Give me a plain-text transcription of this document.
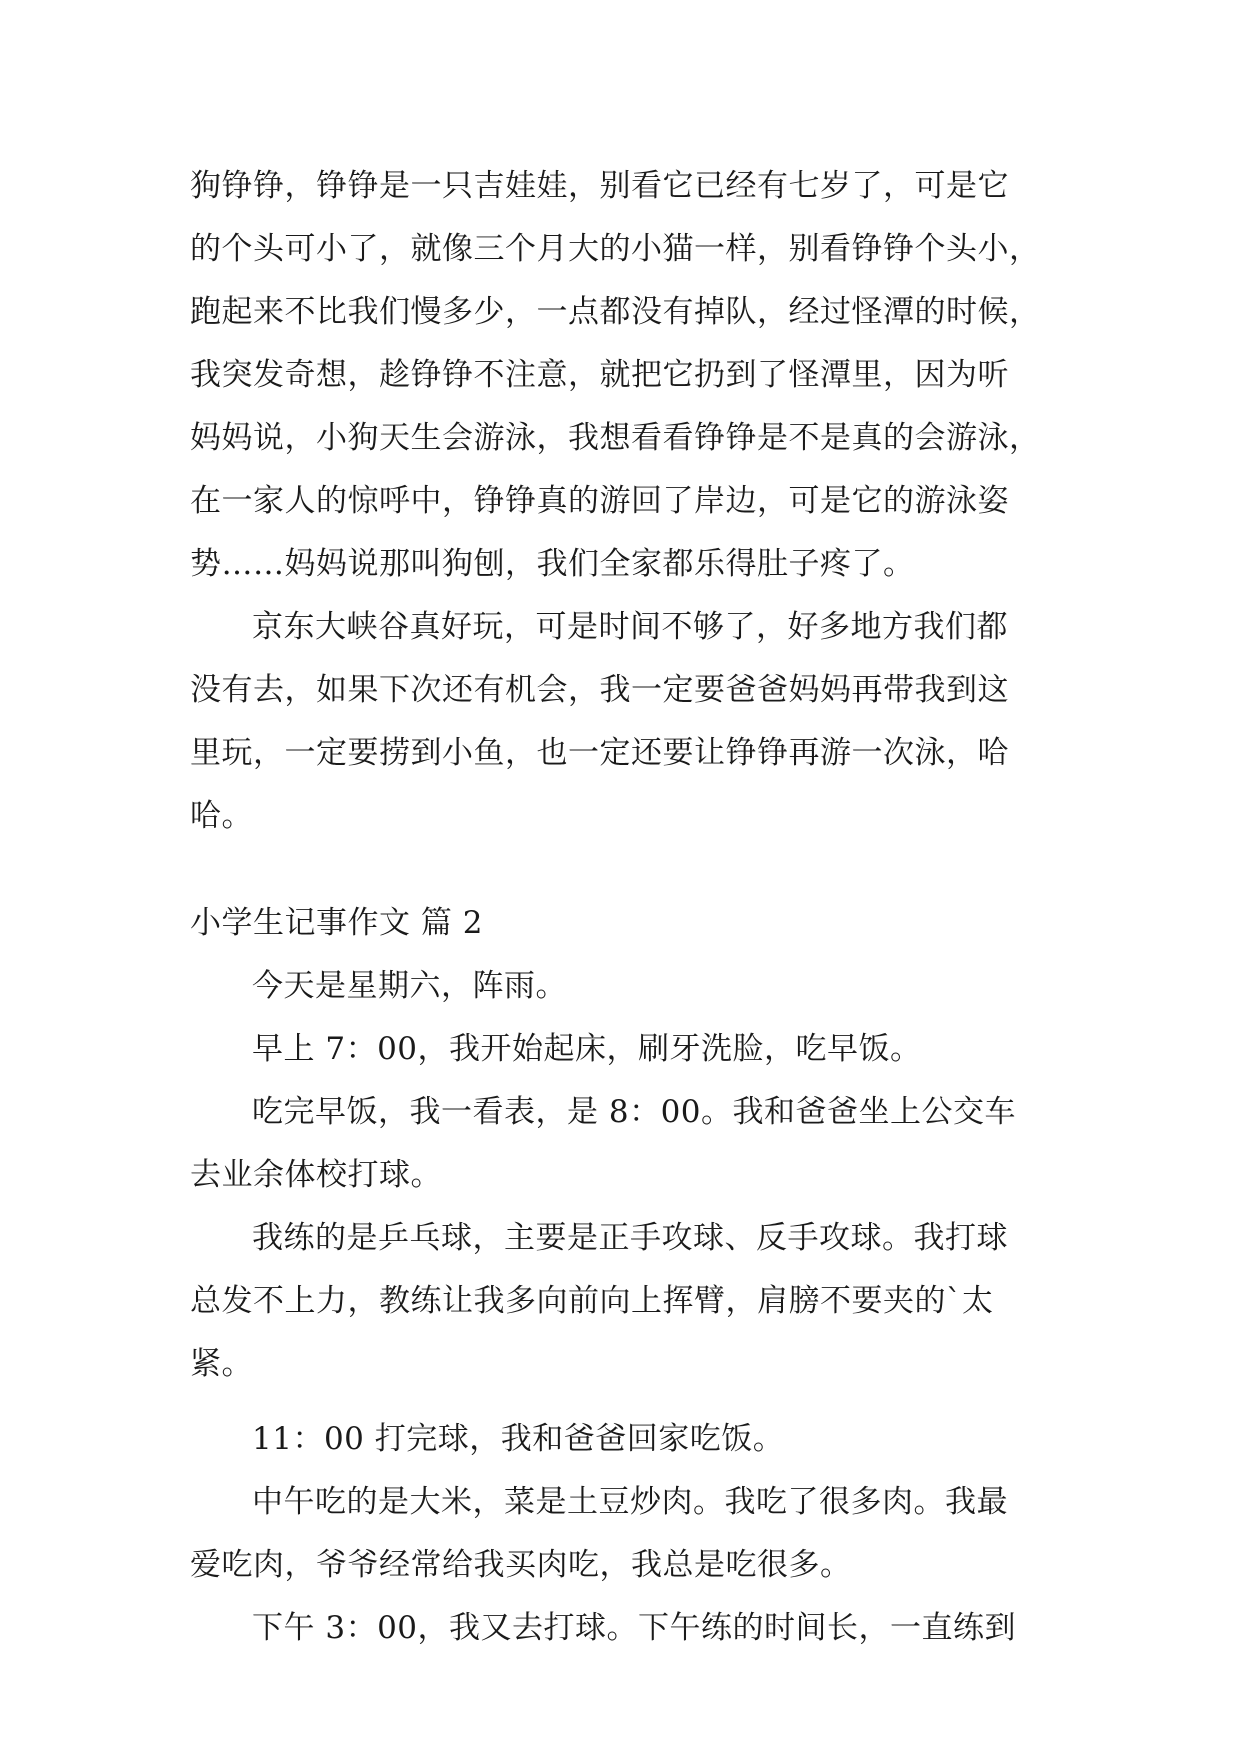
狗铮铮，铮铮是一只吉娃娃，别看它已经有七岁了，可是它
的个头可小了，就像三个月大的小猫一样，别看铮铮个头小，
跑起来不比我们慢多少，一点都没有掉队，经过怪潭的时候，
我突发奇想，趁铮铮不注意，就把它扔到了怪潭里，因为听
妈妈说，小狗天生会游泳，我想看看铮铮是不是真的会游泳，
在一家人的惊呼中，铮铮真的游回了岸边，可是它的游泳姿
势……妈妈说那叫狗刨，我们全家都乐得肚子疼了。
京东大峡谷真好玩，可是时间不够了，好多地方我们都
没有去，如果下次还有机会，我一定要爸爸妈妈再带我到这
里玩，一定要捞到小鱼，也一定还要让铮铮再游一次泳，哈
哈。
小学生记事作文 篇 2
今天是星期六，阵雨。
早上 7：00，我开始起床，刷牙洗脸，吃早饭。
吃完早饭，我一看表，是 8：00。我和爸爸坐上公交车
去业余体校打球。
我练的是乒乓球，主要是正手攻球、反手攻球。我打球
总发不上力，教练让我多向前向上挥臂，肩膀不要夹的`太
紧。
11：00 打完球，我和爸爸回家吃饭。
中午吃的是大米，菜是土豆炒肉。我吃了很多肉。我最
爱吃肉，爷爷经常给我买肉吃，我总是吃很多。
下午 3：00，我又去打球。下午练的时间长，一直练到
